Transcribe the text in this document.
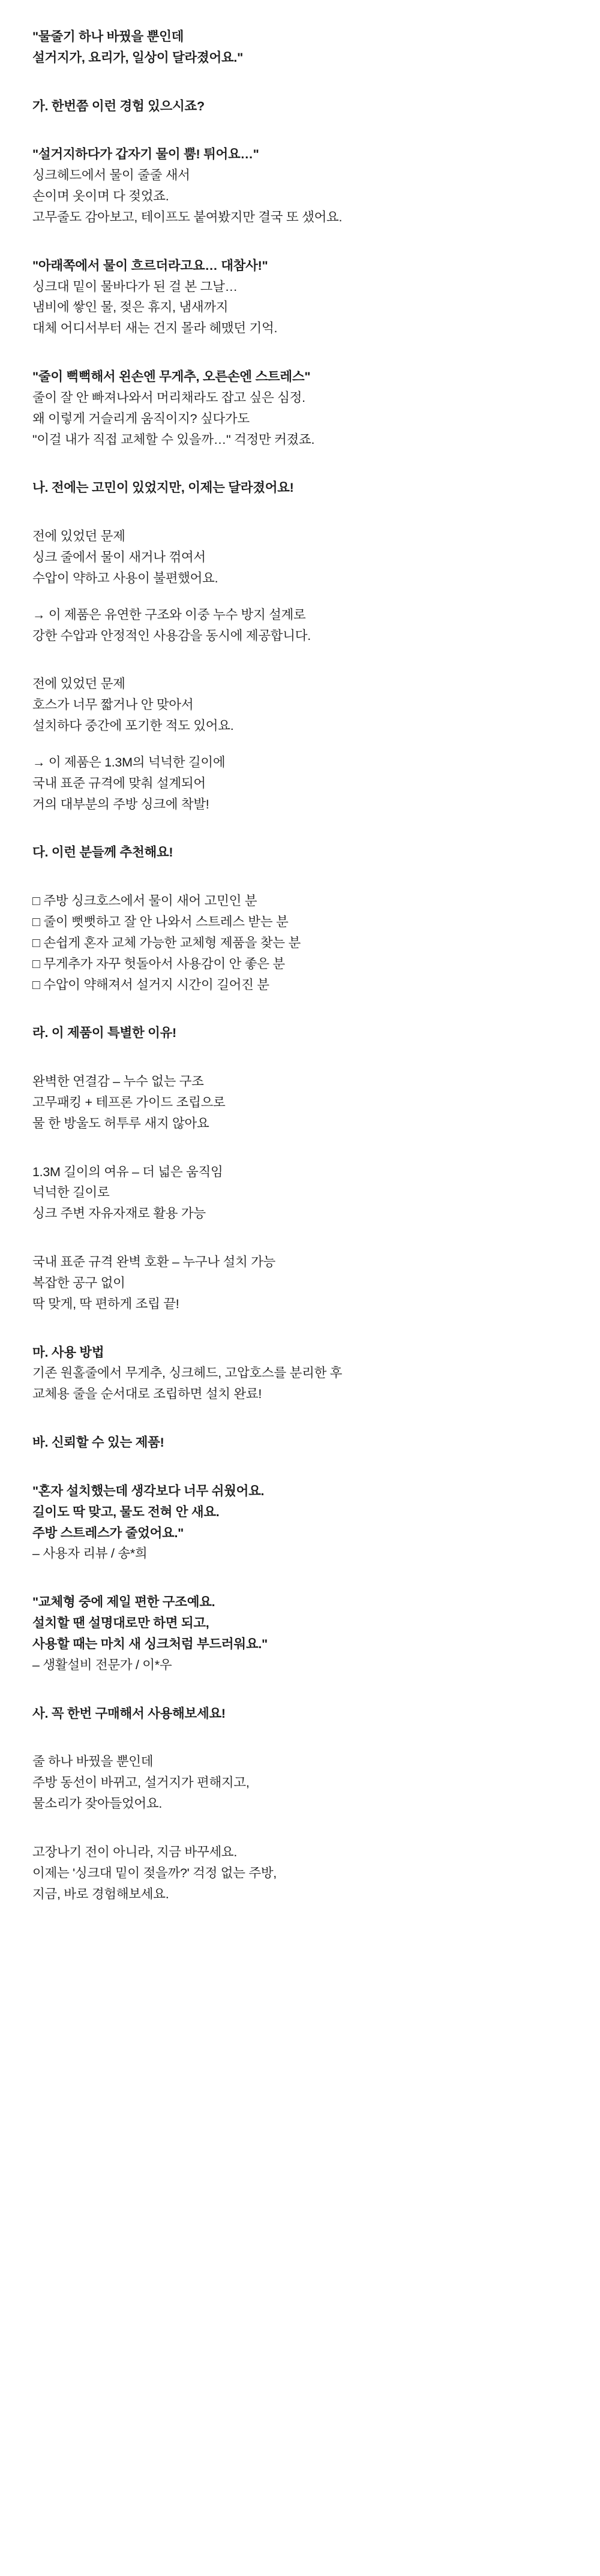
"물줄기 하나 바꿨을 뿐인데
설거지가, 요리가, 일상이 달라졌어요."
가. 한번쯤 이런 경험 있으시죠?
"설거지하다가 갑자기 물이 뿜! 튀어요…"
싱크헤드에서 물이 줄줄 새서
손이며 옷이며 다 젖었죠.
고무줄도 감아보고, 테이프도 붙여봤지만 결국 또 샜어요.
"아래쪽에서 물이 흐르더라고요… 대참사!"
싱크대 밑이 물바다가 된 걸 본 그날…
냄비에 쌓인 물, 젖은 휴지, 냄새까지
대체 어디서부터 새는 건지 몰라 헤맸던 기억.
"줄이 뻑뻑해서 왼손엔 무게추, 오른손엔 스트레스"
줄이 잘 안 빠져나와서 머리채라도 잡고 싶은 심정.
왜 이렇게 거슬리게 움직이지? 싶다가도
"이걸 내가 직접 교체할 수 있을까…" 걱정만 커졌죠.
나. 전에는 고민이 있었지만, 이제는 달라졌어요!
전에 있었던 문제
싱크 줄에서 물이 새거나 꺾여서
수압이 약하고 사용이 불편했어요.
→ 이 제품은 유연한 구조와 이중 누수 방지 설계로
강한 수압과 안정적인 사용감을 동시에 제공합니다.
전에 있었던 문제
호스가 너무 짧거나 안 맞아서
설치하다 중간에 포기한 적도 있어요.
→ 이 제품은 1.3M의 넉넉한 길이에
국내 표준 규격에 맞춰 설계되어
거의 대부분의 주방 싱크에 착발!
다. 이런 분들께 추천해요!
□ 주방 싱크호스에서 물이 새어 고민인 분
□ 줄이 뻣뻣하고 잘 안 나와서 스트레스 받는 분
□ 손쉽게 혼자 교체 가능한 교체형 제품을 찾는 분
□ 무게추가 자꾸 헛돌아서 사용감이 안 좋은 분
□ 수압이 약해져서 설거지 시간이 길어진 분
라. 이 제품이 특별한 이유!
완벽한 연결감 – 누수 없는 구조
고무패킹 + 테프론 가이드 조립으로
물 한 방울도 허투루 새지 않아요
1.3M 길이의 여유 – 더 넓은 움직임
넉넉한 길이로
싱크 주변 자유자재로 활용 가능
국내 표준 규격 완벽 호환 – 누구나 설치 가능
복잡한 공구 없이
딱 맞게, 딱 편하게 조립 끝!
마. 사용 방법
기존 원홀줄에서 무게추, 싱크헤드, 고압호스를 분리한 후
교체용 줄을 순서대로 조립하면 설치 완료!
바. 신뢰할 수 있는 제품!
"혼자 설치했는데 생각보다 너무 쉬웠어요.
길이도 딱 맞고, 물도 전혀 안 새요.
주방 스트레스가 줄었어요."
– 사용자 리뷰 / 송*희
"교체형 중에 제일 편한 구조예요.
설치할 땐 설명대로만 하면 되고,
사용할 때는 마치 새 싱크처럼 부드러워요."
– 생활설비 전문가 / 이*우
사. 꼭 한번 구매해서 사용해보세요!
줄 하나 바꿨을 뿐인데
주방 동선이 바뀌고, 설거지가 편해지고,
물소리가 잦아들었어요.
고장나기 전이 아니라, 지금 바꾸세요.
이제는 '싱크대 밑이 젖을까?' 걱정 없는 주방,
지금, 바로 경험해보세요.
